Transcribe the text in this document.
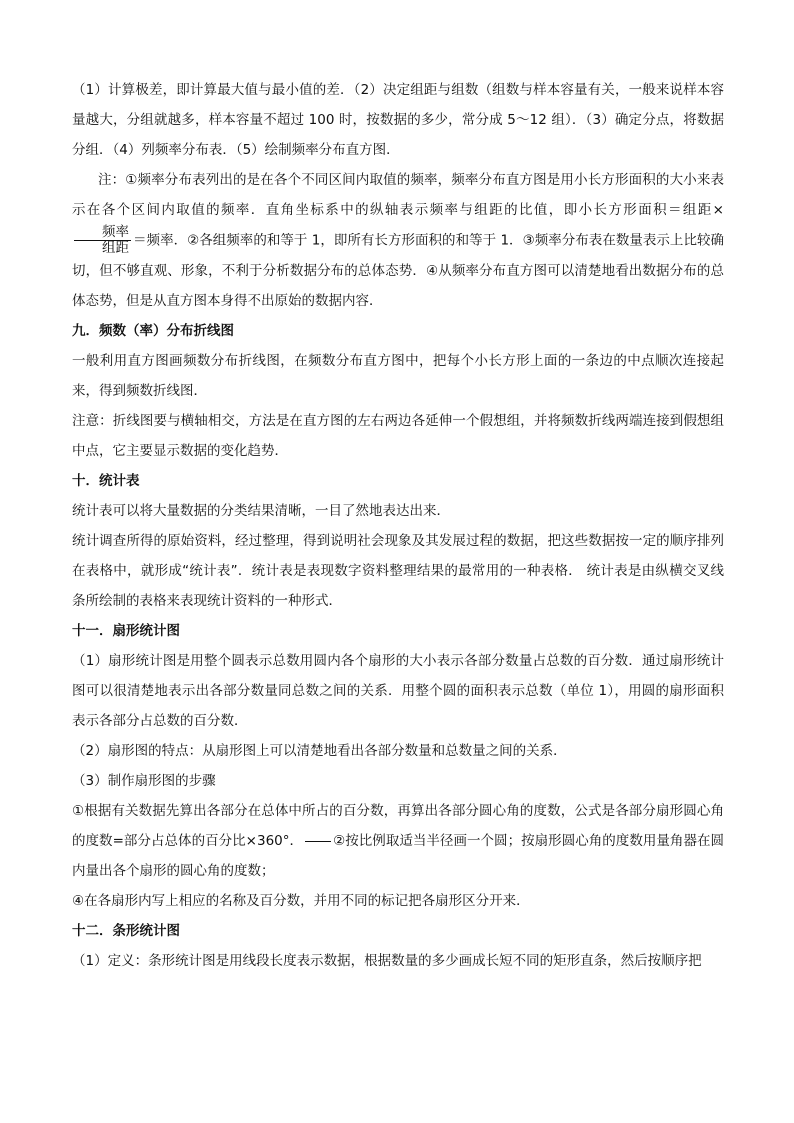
（1）计算极差，即计算最大值与最小值的差．（2）决定组距与组数（组数与样本容量有关，一般来说样本容量越大，分组就越多，样本容量不超过 100 时，按数据的多少，常分成 5～12 组）．（3）确定分点，将数据分组．（4）列频率分布表．（5）绘制频率分布直方图．

注：①频率分布表列出的是在各个不同区间内取值的频率，频率分布直方图是用小长方形面积的大小来表示在各个区间内取值的频率．直角坐标系中的纵轴表示频率与组距的比值，即小长方形面积＝组距×
$\frac{\text{频率}}{\text{组距}}$ ＝频率．②各组频率的和等于 1，即所有长方形面积的和等于 1．③频率分布表在数量表示上比较确切，但不够直观、形象，不利于分析数据分布的总体态势．④从频率分布直方图可以清楚地看出数据分布的总体态势，但是从直方图本身得不出原始的数据内容．

九．频数（率）分布折线图

一般利用直方图画频数分布折线图，在频数分布直方图中，把每个小长方形上面的一条边的中点顺次连接起来，得到频数折线图．

注意：折线图要与横轴相交，方法是在直方图的左右两边各延伸一个假想组，并将频数折线两端连接到假想组中点，它主要显示数据的变化趋势．

十．统计表

统计表可以将大量数据的分类结果清晰，一目了然地表达出来．

统计调查所得的原始资料，经过整理，得到说明社会现象及其发展过程的数据，把这些数据按一定的顺序排列在表格中，就形成“统计表”．统计表是表现数字资料整理结果的最常用的一种表格． 统计表是由纵横交叉线条所绘制的表格来表现统计资料的一种形式．

十一．扇形统计图

（1）扇形统计图是用整个圆表示总数用圆内各个扇形的大小表示各部分数量占总数的百分数．通过扇形统计图可以很清楚地表示出各部分数量同总数之间的关系．用整个圆的面积表示总数（单位 1），用圆的扇形面积表示各部分占总数的百分数．

（2）扇形图的特点：从扇形图上可以清楚地看出各部分数量和总数量之间的关系．

（3）制作扇形图的步骤

①根据有关数据先算出各部分在总体中所占的百分数，再算出各部分圆心角的度数，公式是各部分扇形圆心角的度数=部分占总体的百分比×360°． ②按比例取适当半径画一个圆；按扇形圆心角的度数用量角器在圆内量出各个扇形的圆心角的度数；

④在各扇形内写上相应的名称及百分数，并用不同的标记把各扇形区分开来．

十二．条形统计图

（1）定义：条形统计图是用线段长度表示数据，根据数量的多少画成长短不同的矩形直条，然后按顺序把
